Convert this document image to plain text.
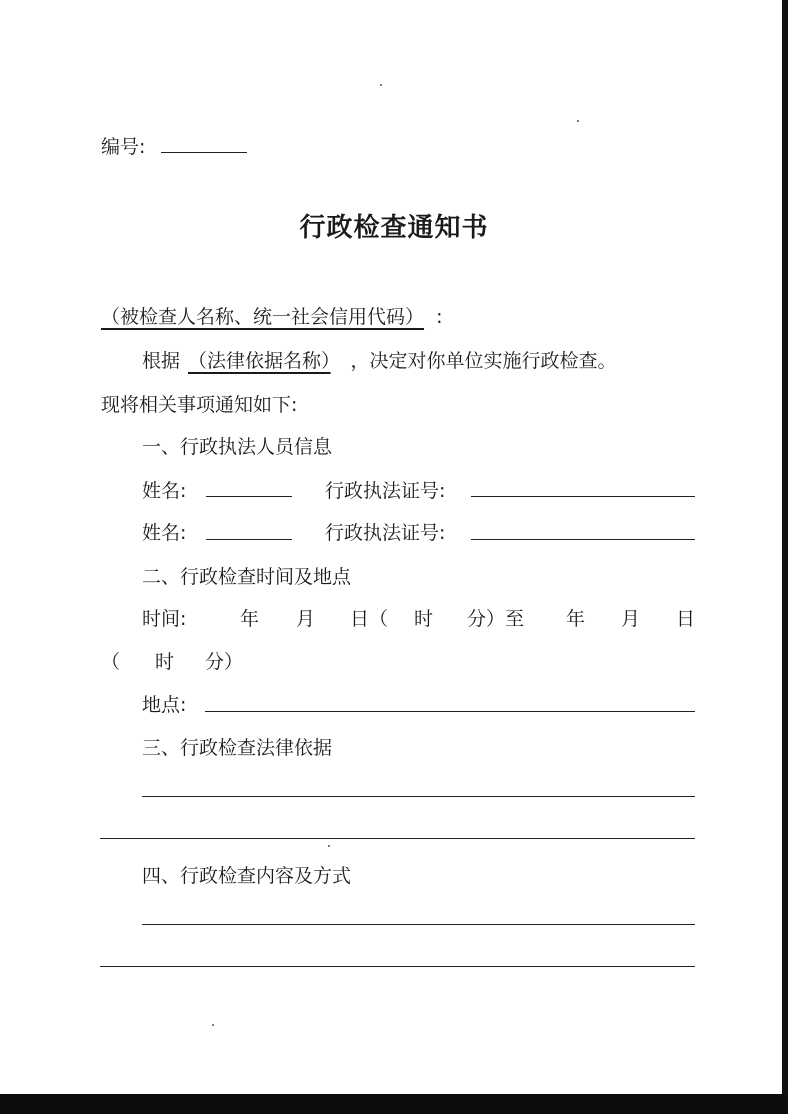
编号:
行政检查通知书
（被检查人名称、统一社会信用代码） :
根据 （法律依据名称） ，决定对你单位实施行政检查。
现将相关事项通知如下:
一、行政执法人员信息
姓名:	行政执法证号:
姓名:	行政执法证号:
二、行政检查时间及地点
时间:	年 月 日（ 时 分）至 年 月 日
（ 时 分）
地点:
三、行政检查法律依据
四、行政检查内容及方式
